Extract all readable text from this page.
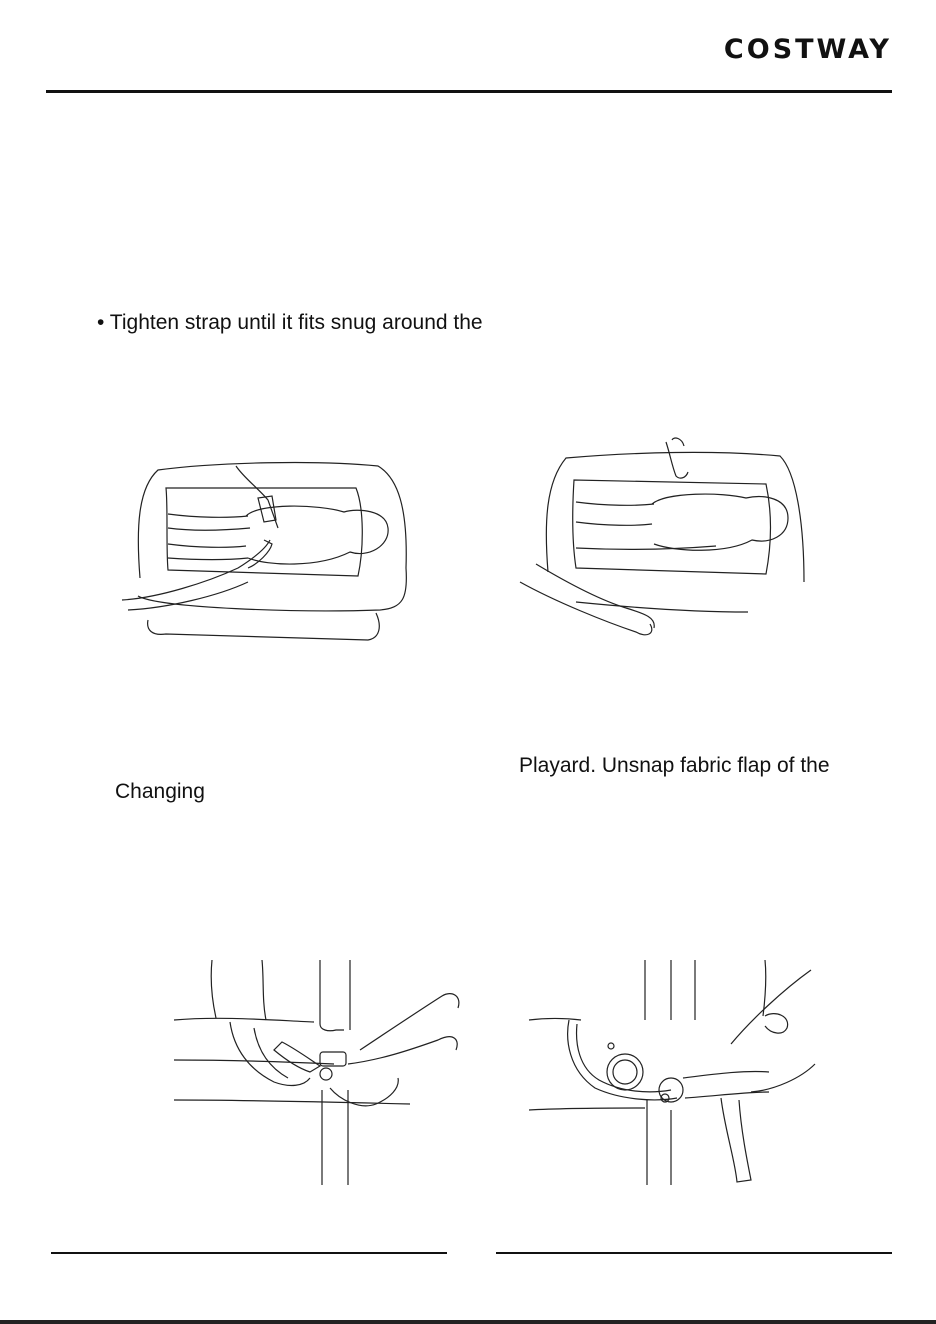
COSTWAY
• Tighten strap until it fits snug around the
Playard. Unsnap fabric flap of the
Changing
